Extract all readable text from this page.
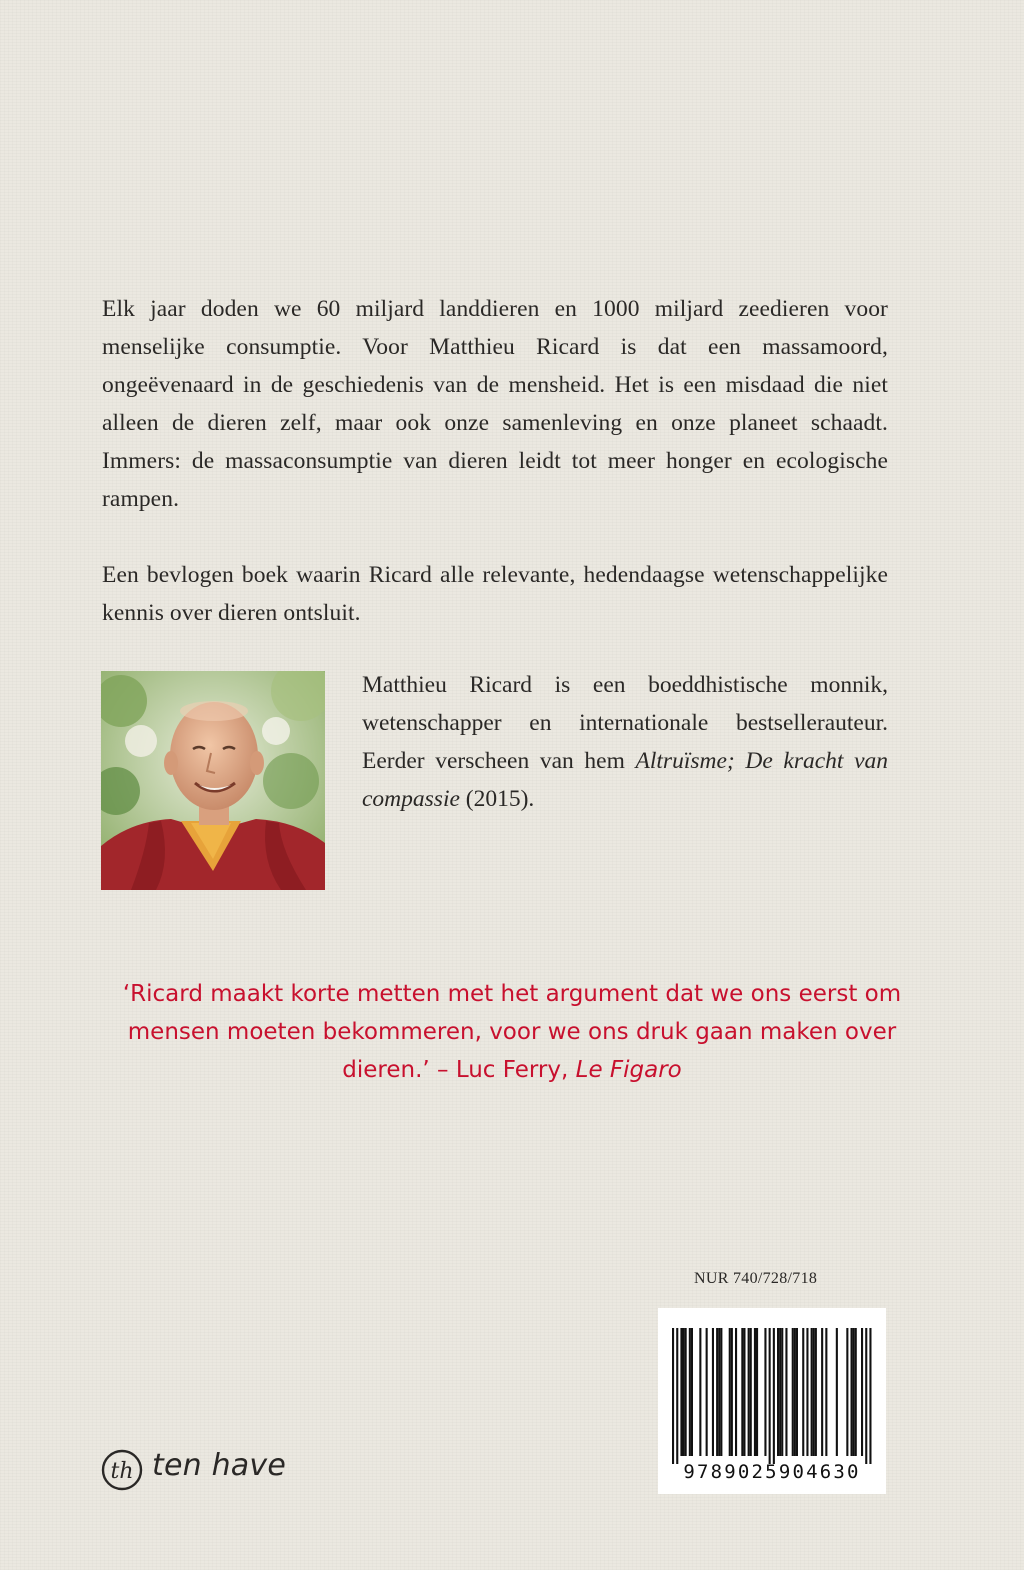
Elk jaar doden we 60 miljard landdieren en 1000 miljard zeedieren voor menselijke consumptie. Voor Matthieu Ricard is dat een massamoord, ongeëvenaard in de geschiedenis van de mensheid. Het is een misdaad die niet alleen de dieren zelf, maar ook onze samenleving en onze planeet schaadt. Immers: de massaconsumptie van dieren leidt tot meer honger en ecologische rampen.

Een bevlogen boek waarin Ricard alle relevante, hedendaagse wetenschappelijke kennis over dieren ontsluit.

Matthieu Ricard is een boeddhistische monnik, wetenschapper en internationale bestsellerauteur. Eerder verscheen van hem Altruïsme; De kracht van compassie (2015).

‘Ricard maakt korte metten met het argument dat we ons eerst om mensen moeten bekommeren, voor we ons druk gaan maken over dieren.’ – Luc Ferry, Le Figaro

NUR 740/728/718
9789025904630
th ten have
